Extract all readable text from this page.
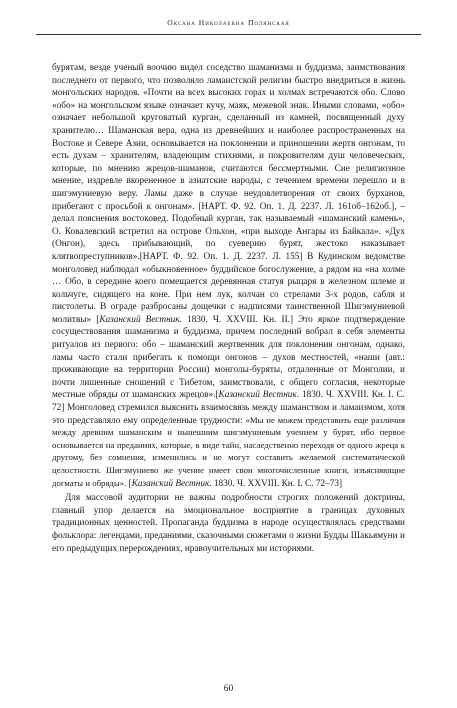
Оксана Николаевна Полянская

бурятам, везде ученый воочию видел соседство шаманизма и буддизма, заимствования последнего от первого, что позволяло ламаистской религии быстро внедриться в жизнь монгольских народов. «Почти на всех высоких горах и холмах встречаются обо. Слово «обо» на монгольском языке означает кучу, маяк, межевой знак. Иными словами, «обо» означает небольшой круговатый курган, сделанный из камней, посвященный духу хранителю… Шаманская вера, одна из древнейших и наиболее распространенных на Востоке и Севере Азии, основывается на поклонении и приношении жертв онгонам, то есть духам – хранителям, владеющим стихиями, и покровителям душ человеческих, которые, по мнению жрецов-шаманов, считаются бессмертными. Сие религиозное мнение, издревле вкорененное в азиатские народы, с течением времени перешло и в шигэмуниевую веру. Ламы даже в случае неудовлетворения от своих бурханов, прибегают с просьбой к онгонам». [НАРТ. Ф. 92. Оп. 1. Д. 2237. Л. 161об–162об.], – делал пояснения востоковед. Подобный курган, так называемый «шаманский камень», О. Ковалевский встретил на острове Ольхон, «при выходе Ангары из Байкала». «Дух (Онгон), здесь прибывающий, по суеверию бурят, жестоко наказывает клятвопреступников».[НАРТ. Ф. 92. Оп. 1. Д. 2237. Л. 155] В Кудинском ведомстве монголовед наблюдал «обыкновенное» буддийское богослужение, а рядом на «на холме … Обо, в середине коего помещается деревянная статуя рыцаря в железном шлеме и кольчуге, сидящего на коне. При нем лук, колчан со стрелами 3-х родов, сабля и пистолеты. В ограде разбросаны дощечки с надписями таинственной Шигэмуниевой молитвы» [Казанский Вестник. 1830. Ч. XXVIII. Кн. II.] Это яркое подтверждение сосуществования шаманизма и буддизма, причем последний вобрал в себя элементы ритуалов из первого: обо – шаманский жертвенник для поклонения онгонам, однако, ламы часто стали прибегать к помощи онгонов – духов местностей, «наши (авт.: проживающие на территории России) монголы-буряты, отдаленные от Монголии, и почти лишенные сношений с Тибетом, заимствовали, с общего согласия, некоторые местные обряды от шаманских жрецов».[Казанский Вестник. 1830. Ч. XXVIII. Кн. I. С. 72] Монголовед стремился выяснить взаимосвязь между шаманством и ламаизмом, хотя это представляло ему определенные трудности: «Мы не можем представить еще различия между древним шаманским и нынешним шигэмуниевым учением у бурят, ибо первое основывается на преданиях, которые, в виде тайн, наследственно переходя от одного жреца к другому, без сомнения, изменились и не могут составить желаемой систематической целостности. Шигэмуниево же учение имеет свои многочисленные книги, изъясняющие догматы и обряды». [Казанский Вестник. 1830. Ч. XXVIII. Кн. I. С. 72–73]

Для массовой аудитории не важны подробности строгих положений доктрины, главный упор делается на эмоциональное восприятие в границах духовных традиционных ценностей. Пропаганда буддизма в народе осуществлялась средствами фольклора: легендами, преданиями, сказочными сюжетами о жизни Будды Шакьямуни и его предыдущих перерождениях, нравоучительных ми историями.

60
